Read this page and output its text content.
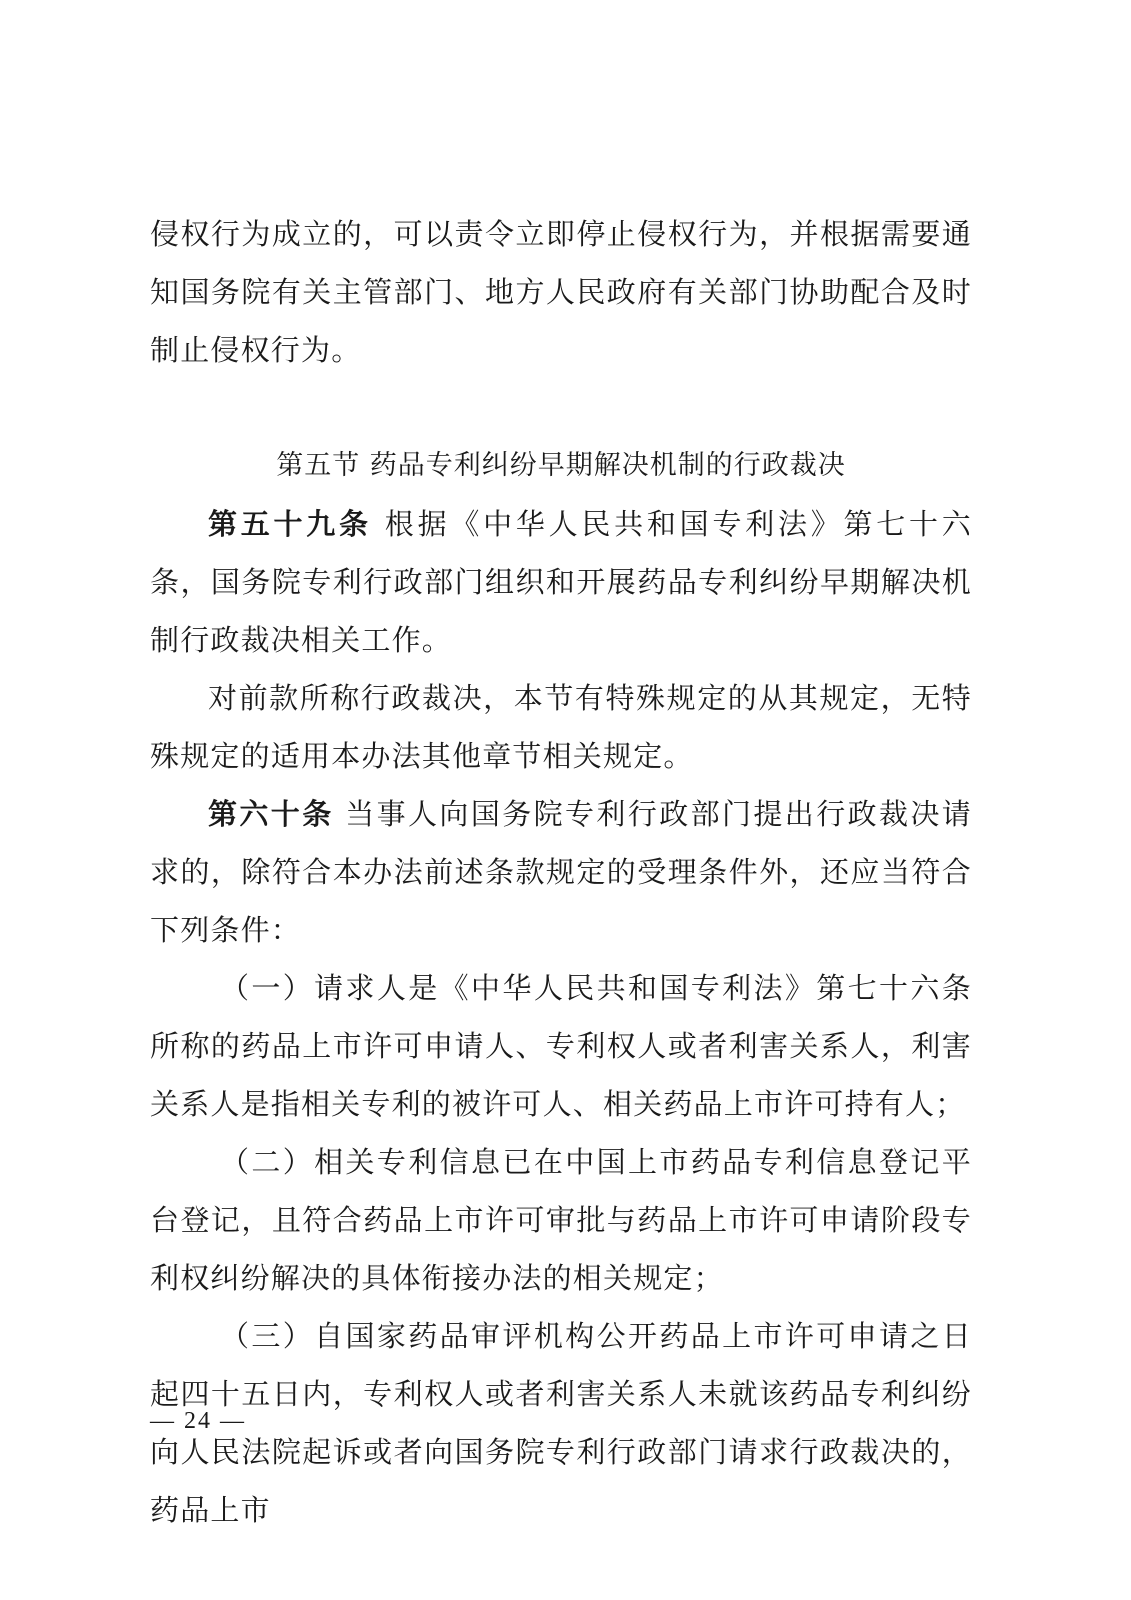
侵权行为成立的，可以责令立即停止侵权行为，并根据需要通知国务院有关主管部门、地方人民政府有关部门协助配合及时制止侵权行为。

第五节 药品专利纠纷早期解决机制的行政裁决

第五十九条 根据《中华人民共和国专利法》第七十六条，国务院专利行政部门组织和开展药品专利纠纷早期解决机制行政裁决相关工作。

对前款所称行政裁决，本节有特殊规定的从其规定，无特殊规定的适用本办法其他章节相关规定。

第六十条 当事人向国务院专利行政部门提出行政裁决请求的，除符合本办法前述条款规定的受理条件外，还应当符合下列条件：

（一）请求人是《中华人民共和国专利法》第七十六条所称的药品上市许可申请人、专利权人或者利害关系人，利害关系人是指相关专利的被许可人、相关药品上市许可持有人；

（二）相关专利信息已在中国上市药品专利信息登记平台登记，且符合药品上市许可审批与药品上市许可申请阶段专利权纠纷解决的具体衔接办法的相关规定；

（三）自国家药品审评机构公开药品上市许可申请之日起四十五日内，专利权人或者利害关系人未就该药品专利纠纷向人民法院起诉或者向国务院专利行政部门请求行政裁决的，药品上市

— 24 —
